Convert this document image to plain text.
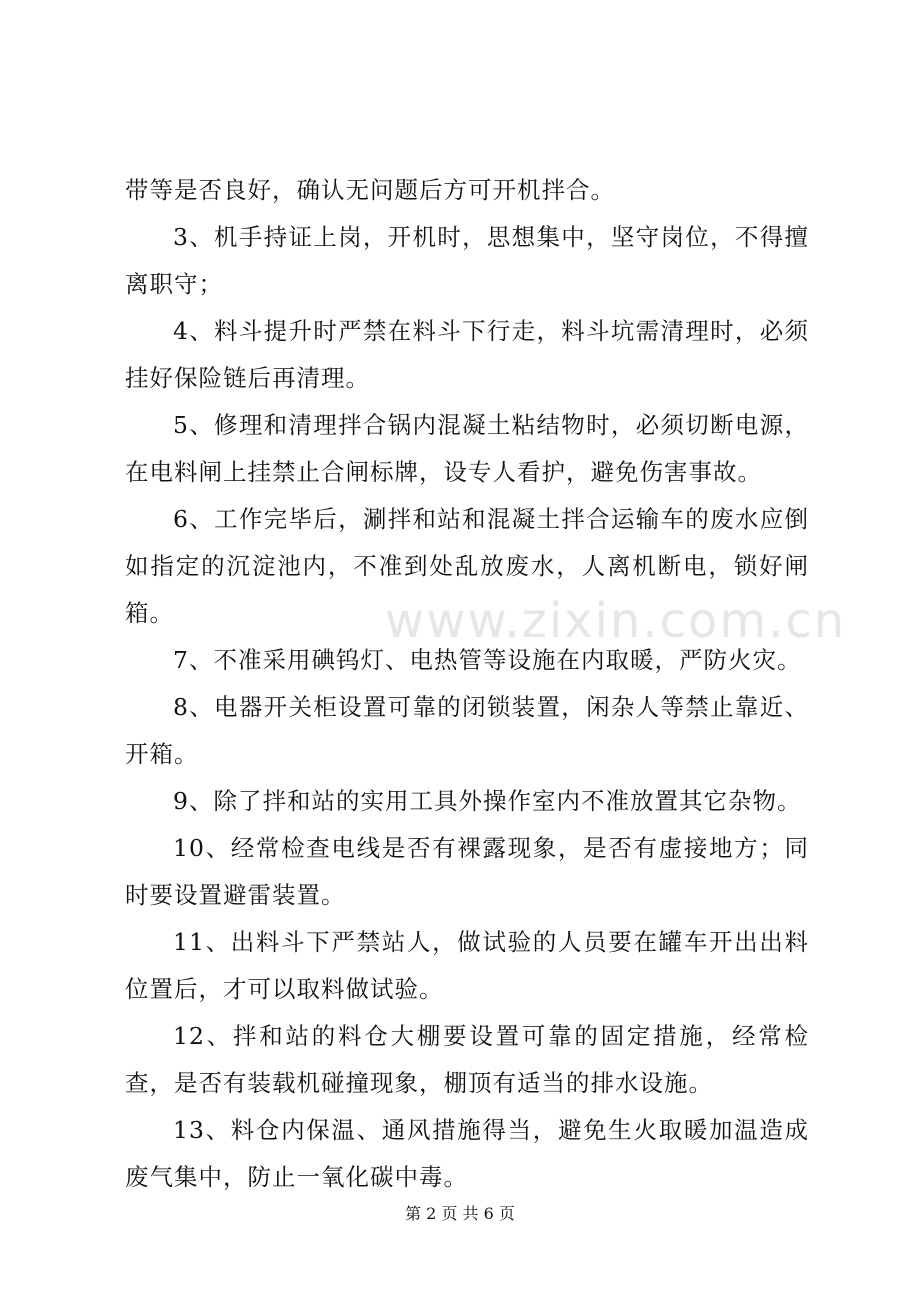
www.zixin.com.cn

带等是否良好，确认无问题后方可开机拌合。

3、机手持证上岗，开机时，思想集中，坚守岗位，不得擅离职守；

4、料斗提升时严禁在料斗下行走，料斗坑需清理时，必须挂好保险链后再清理。

5、修理和清理拌合锅内混凝土粘结物时，必须切断电源，在电料闸上挂禁止合闸标牌，设专人看护，避免伤害事故。

6、工作完毕后，涮拌和站和混凝土拌合运输车的废水应倒如指定的沉淀池内，不准到处乱放废水，人离机断电，锁好闸箱。

7、不准采用碘钨灯、电热管等设施在内取暖，严防火灾。

8、电器开关柜设置可靠的闭锁装置，闲杂人等禁止靠近、开箱。

9、除了拌和站的实用工具外操作室内不准放置其它杂物。

10、经常检查电线是否有裸露现象，是否有虚接地方；同时要设置避雷装置。

11、出料斗下严禁站人，做试验的人员要在罐车开出出料位置后，才可以取料做试验。

12、拌和站的料仓大棚要设置可靠的固定措施，经常检查，是否有装载机碰撞现象，棚顶有适当的排水设施。

13、料仓内保温、通风措施得当，避免生火取暖加温造成废气集中，防止一氧化碳中毒。

第 2 页 共 6 页
